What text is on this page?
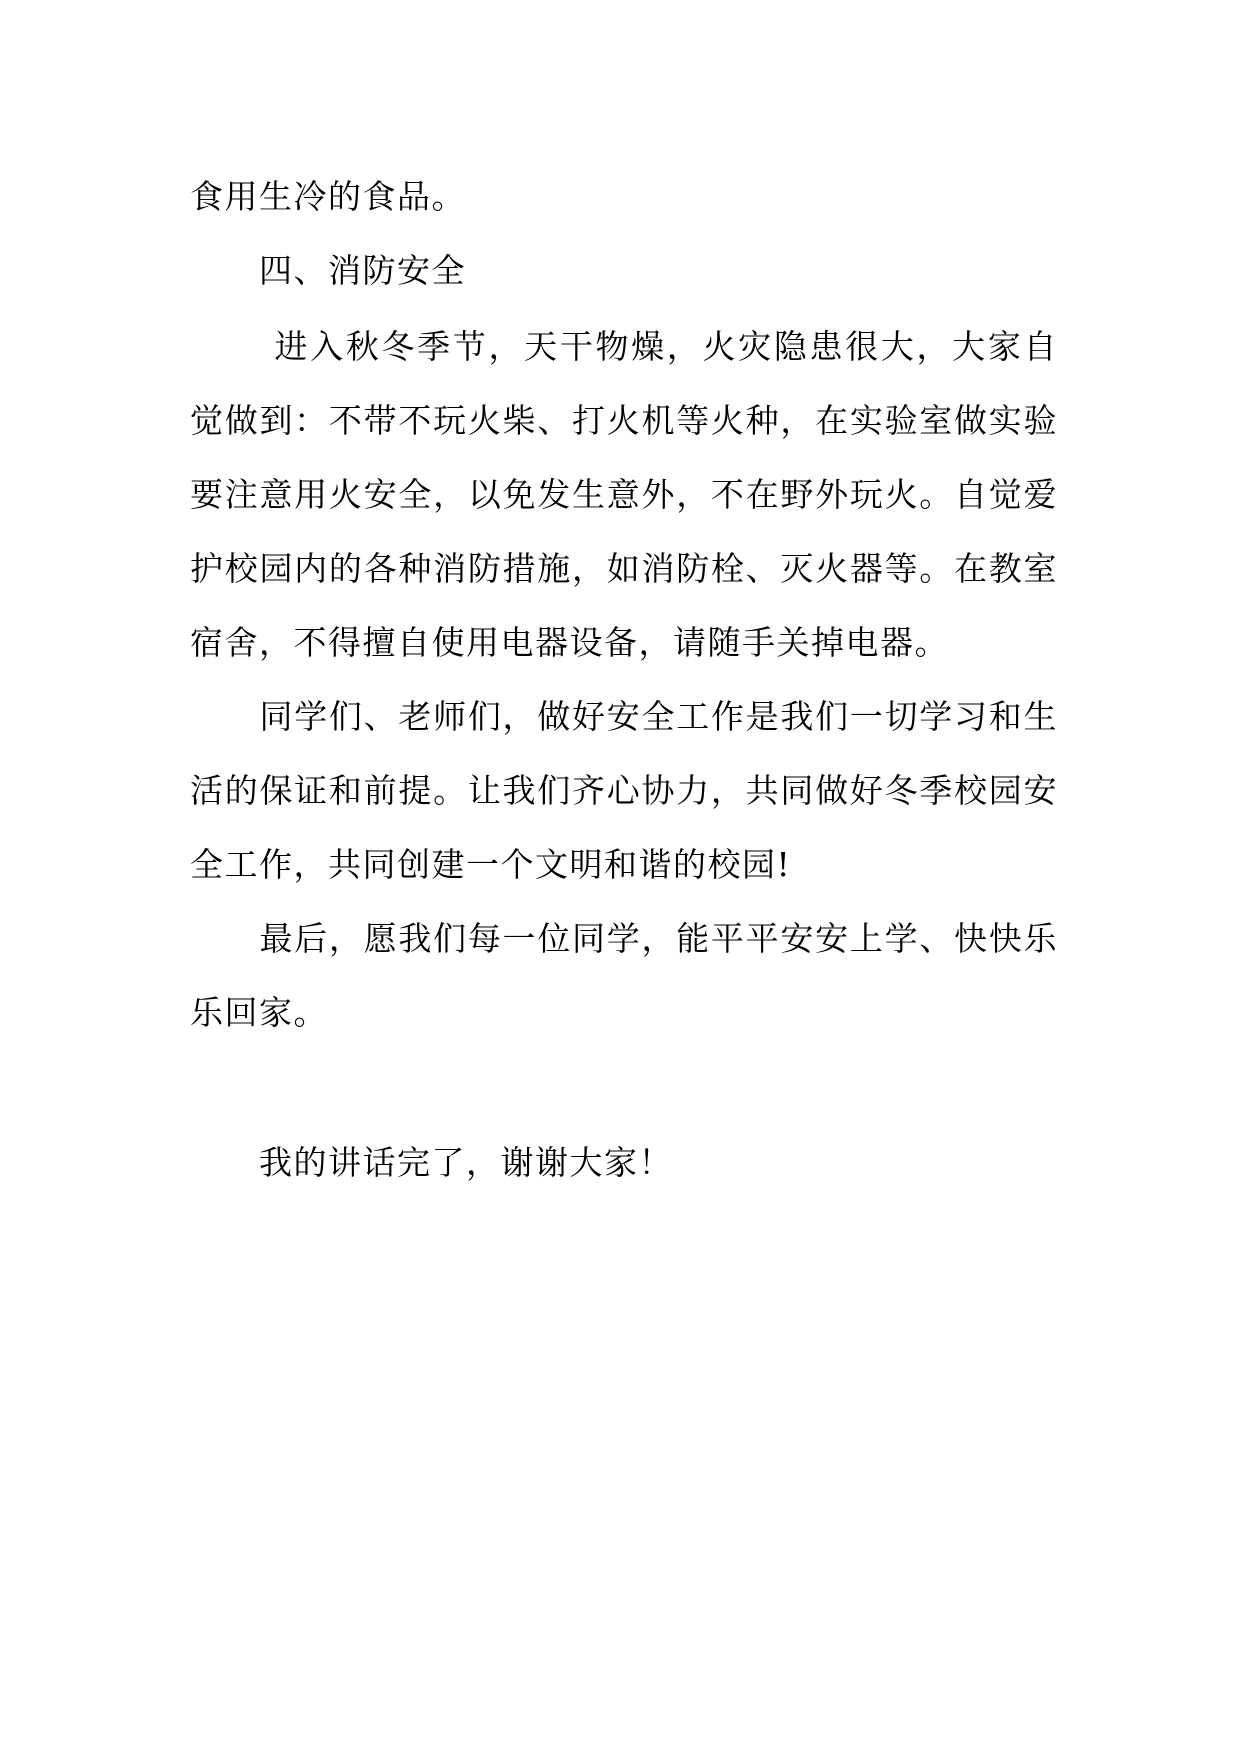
食用生冷的食品。
　　四、消防安全
　　 进入秋冬季节，天干物燥，火灾隐患很大，大家自
觉做到：不带不玩火柴、打火机等火种，在实验室做实验
要注意用火安全，以免发生意外，不在野外玩火。自觉爱
护校园内的各种消防措施，如消防栓、灭火器等。在教室
宿舍，不得擅自使用电器设备，请随手关掉电器。
　　同学们、老师们，做好安全工作是我们一切学习和生
活的保证和前提。让我们齐心协力，共同做好冬季校园安
全工作，共同创建一个文明和谐的校园!
　　最后，愿我们每一位同学，能平平安安上学、快快乐
乐回家。
　　我的讲话完了，谢谢大家！
